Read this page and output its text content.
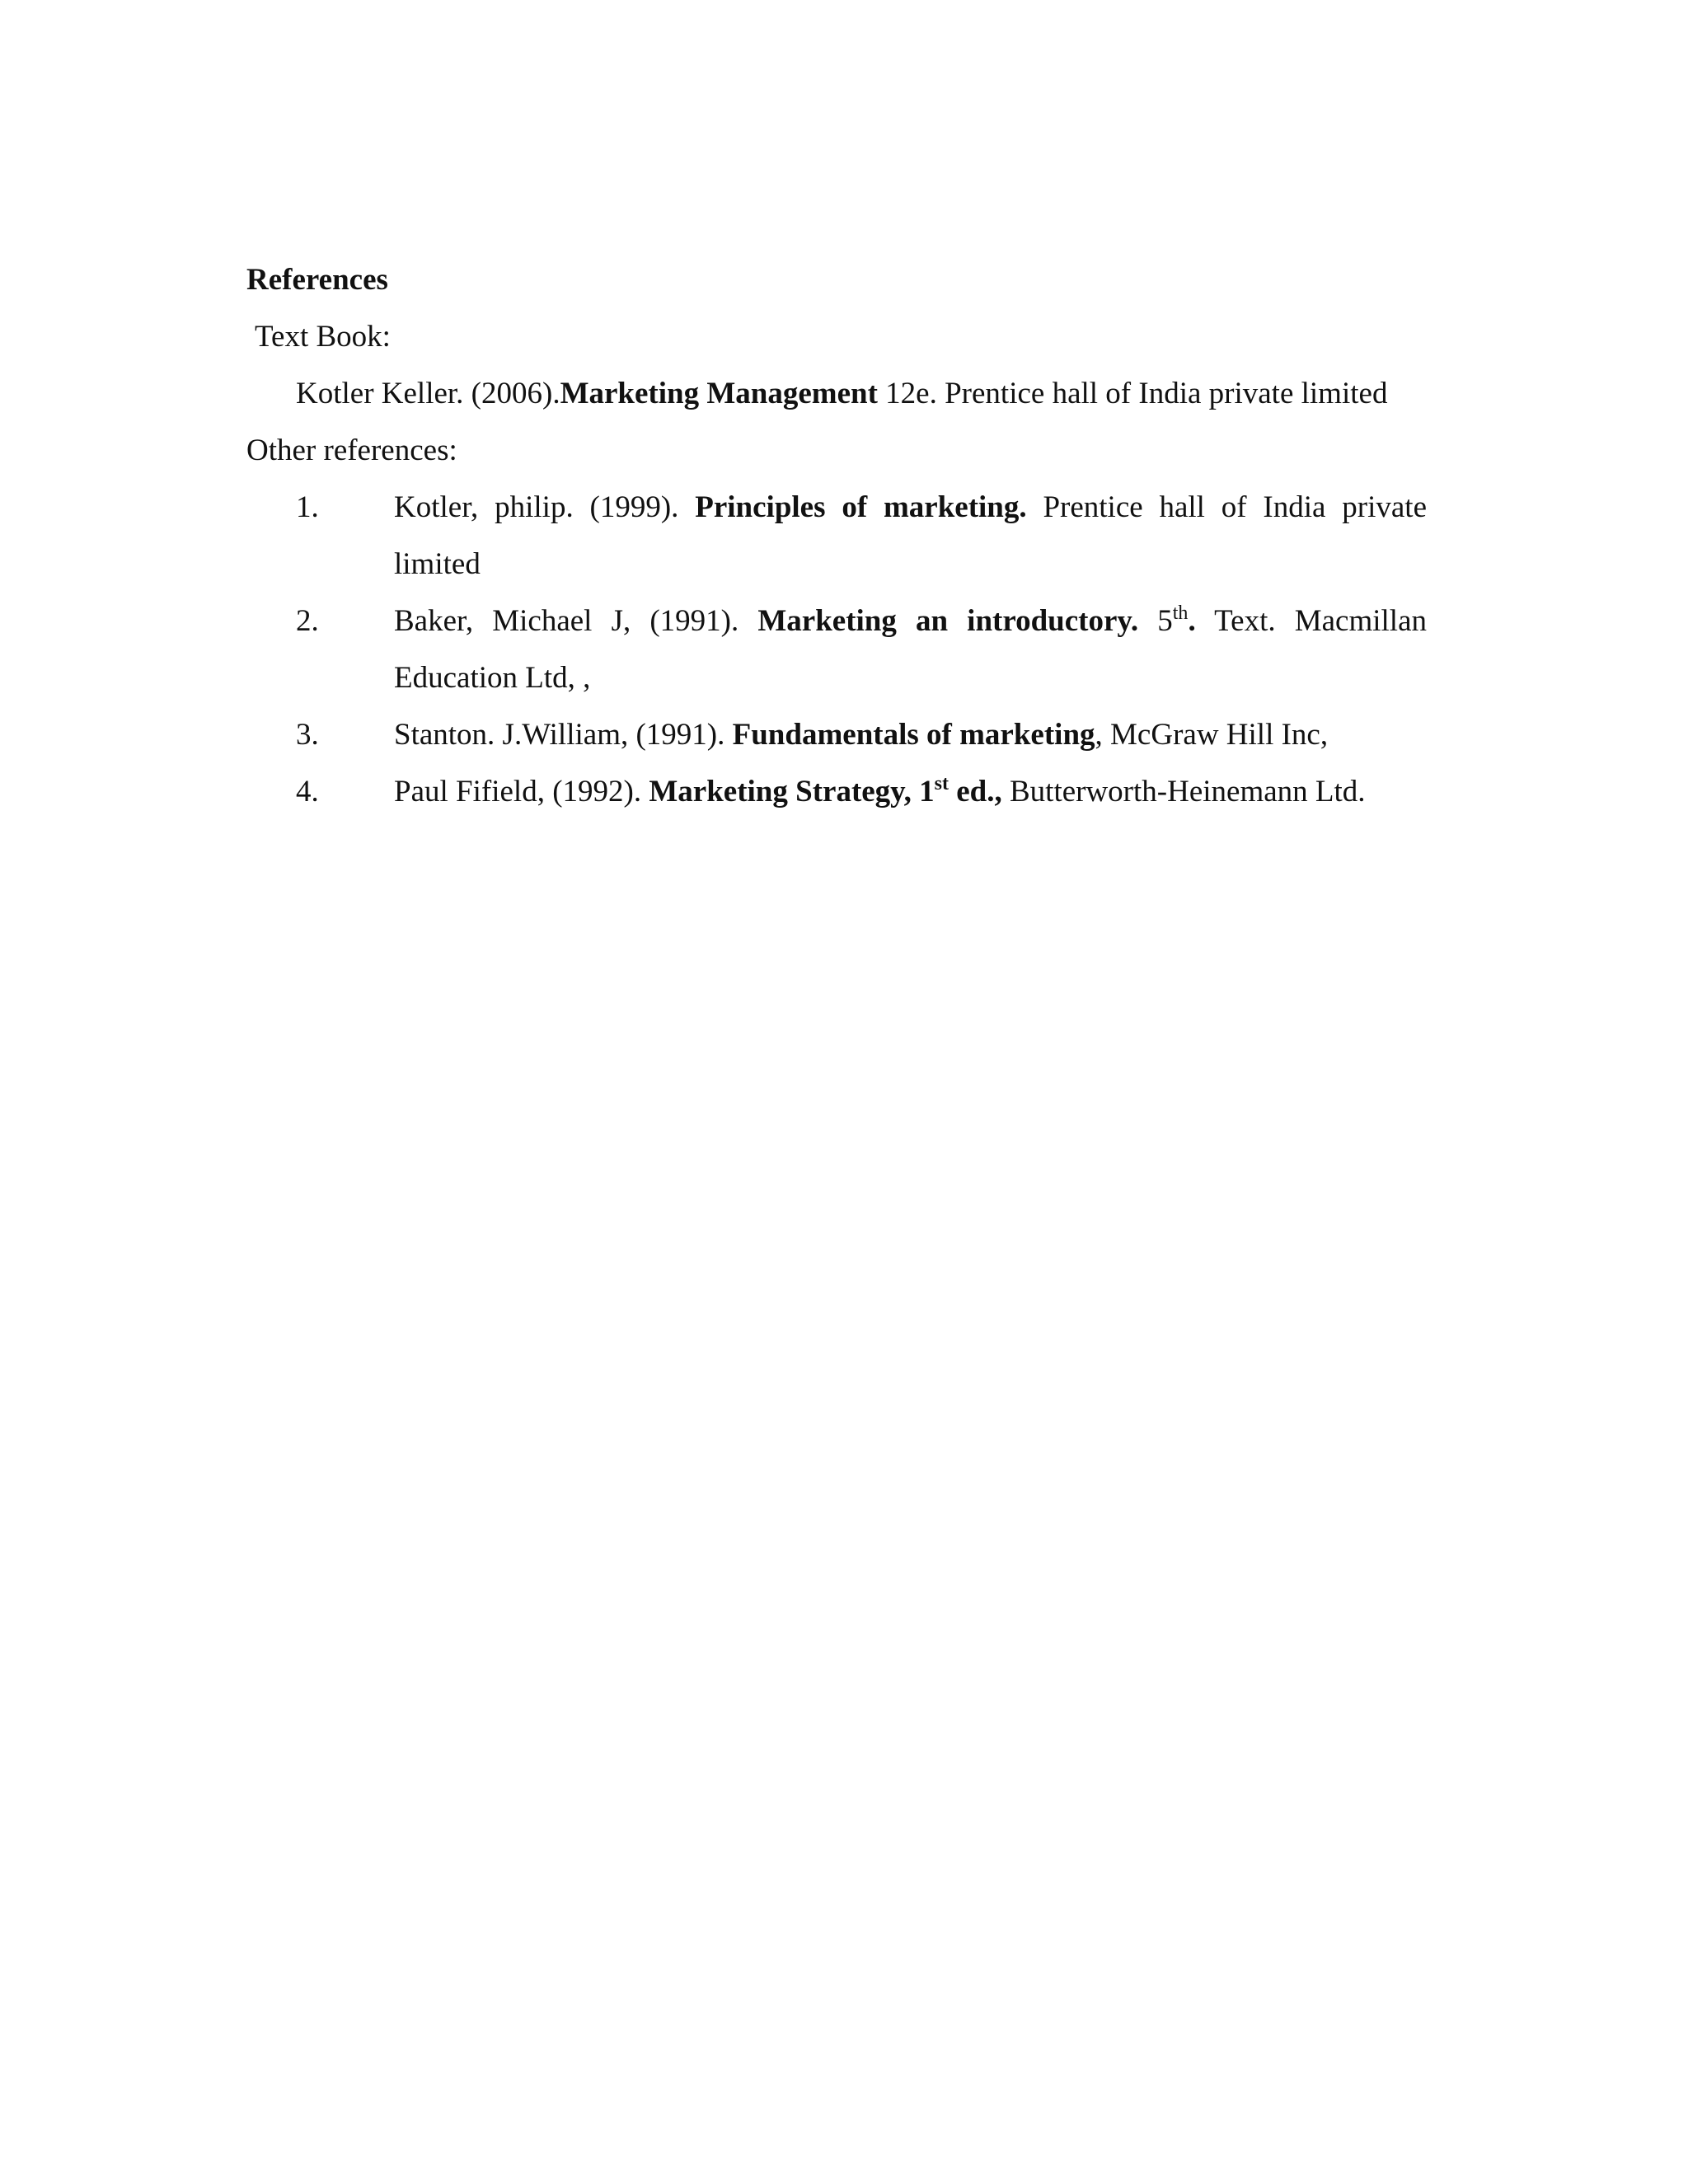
References

Text Book:

Kotler Keller. (2006).Marketing Management 12e. Prentice hall of India private limited

Other references:

1. Kotler, philip. (1999). Principles of marketing. Prentice hall of India private limited
2. Baker, Michael J, (1991). Marketing an introductory. 5th. Text. Macmillan Education Ltd, ,
3. Stanton. J.William, (1991). Fundamentals of marketing, McGraw Hill Inc,
4. Paul Fifield, (1992). Marketing Strategy, 1st ed., Butterworth-Heinemann Ltd.
